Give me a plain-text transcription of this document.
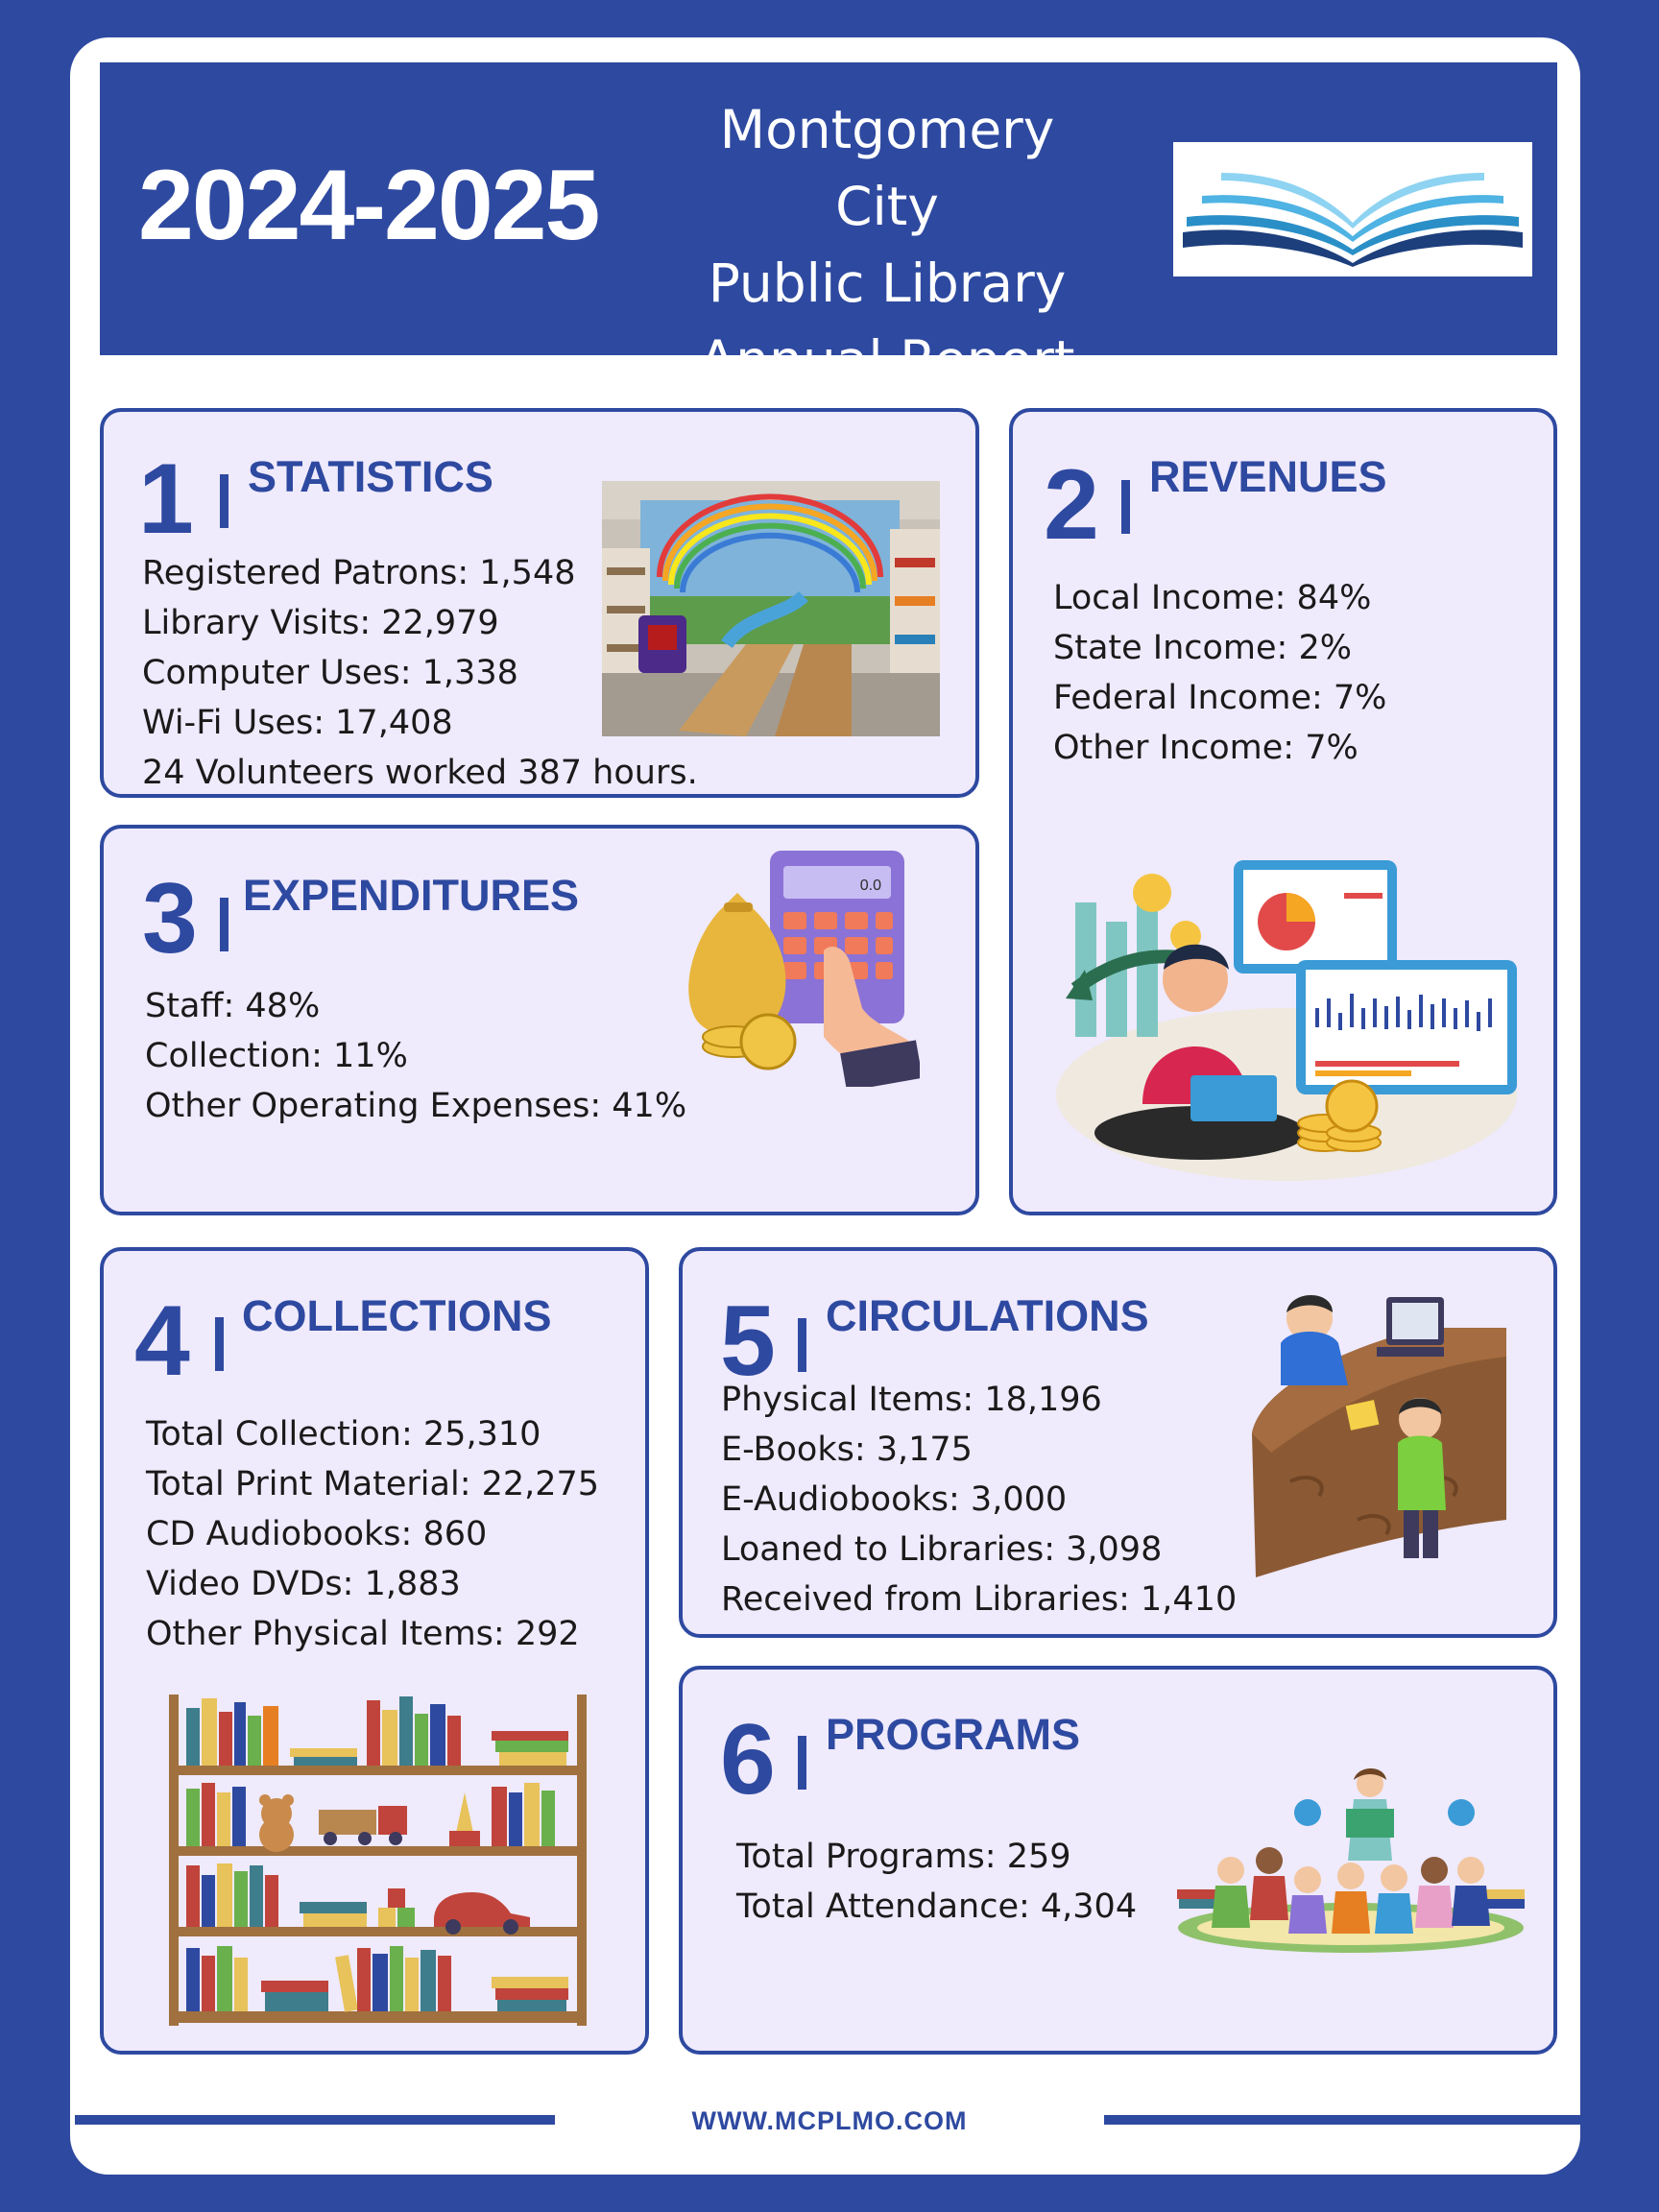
2024-2025
Montgomery City
Public Library
Annual Report
1 STATISTICS
Registered Patrons: 1,548
Library Visits: 22,979
Computer Uses: 1,338
Wi-Fi Uses: 17,408
24 Volunteers worked 387 hours.
2 REVENUES
Local Income: 84%
State Income: 2%
Federal Income: 7%
Other Income: 7%
3 EXPENDITURES
Staff: 48%
Collection: 11%
Other Operating Expenses: 41%
0.0
4 COLLECTIONS
Total Collection: 25,310
Total Print Material: 22,275
CD Audiobooks: 860
Video DVDs: 1,883
Other Physical Items: 292
5 CIRCULATIONS
Physical Items: 18,196
E-Books: 3,175
E-Audiobooks: 3,000
Loaned to Libraries: 3,098
Received from Libraries: 1,410
6 PROGRAMS
Total Programs: 259
Total Attendance: 4,304
WWW.MCPLMO.COM
